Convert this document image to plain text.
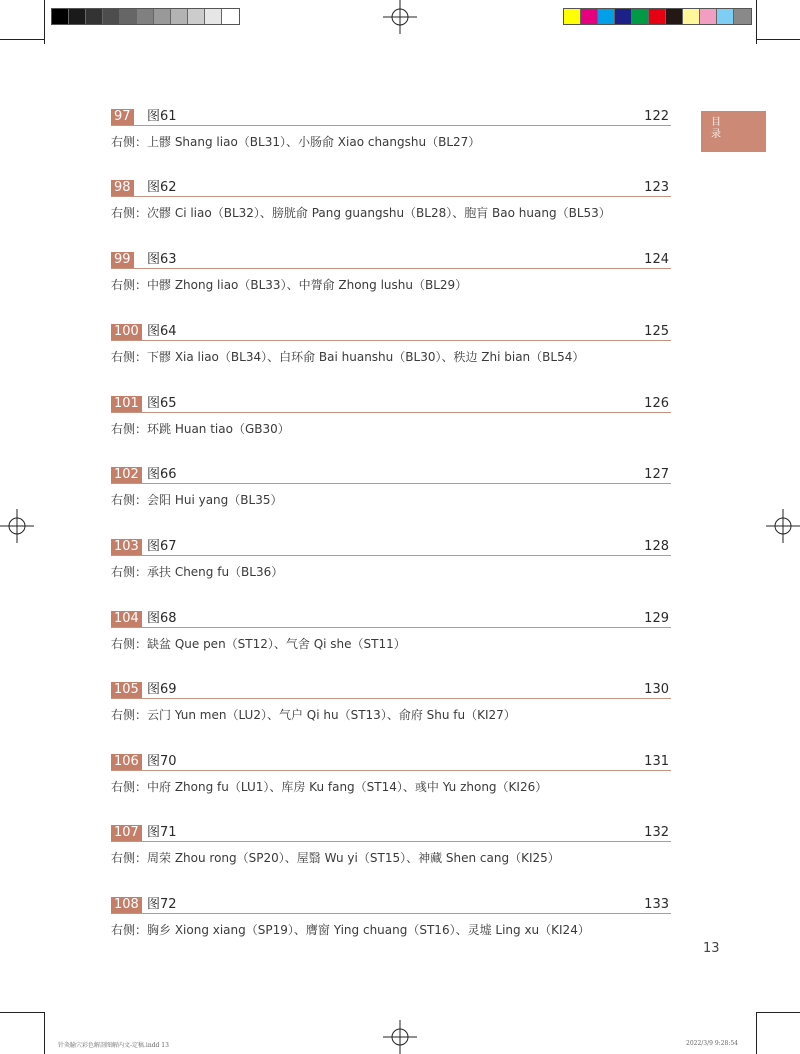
目
录
97 图61	122
右侧：上髎 Shang liao（BL31）、小肠俞 Xiao changshu（BL27）
98 图62	123
右侧：次髎 Ci liao（BL32）、膀胱俞 Pang guangshu（BL28）、胞肓 Bao huang（BL53）
99 图63	124
右侧：中髎 Zhong liao（BL33）、中膂俞 Zhong lushu（BL29）
100 图64	125
右侧：下髎 Xia liao（BL34）、白环俞 Bai huanshu（BL30）、秩边 Zhi bian（BL54）
101 图65	126
右侧：环跳 Huan tiao（GB30）
102 图66	127
右侧：会阳 Hui yang（BL35）
103 图67	128
右侧：承扶 Cheng fu（BL36）
104 图68	129
右侧：缺盆 Que pen（ST12）、气舍 Qi she（ST11）
105 图69	130
右侧：云门 Yun men（LU2）、气户 Qi hu（ST13）、俞府 Shu fu（KI27）
106 图70	131
右侧：中府 Zhong fu（LU1）、库房 Ku fang（ST14）、彧中 Yu zhong（KI26）
107 图71	132
右侧：周荣 Zhou rong（SP20）、屋翳 Wu yi（ST15）、神藏 Shen cang（KI25）
108 图72	133
右侧：胸乡 Xiong xiang（SP19）、膺窗 Ying chuang（ST16）、灵墟 Ling xu（KI24）
13
针灸腧穴彩色解剖图解内文-定稿.indd 13	2022/3/9 9:28:54
